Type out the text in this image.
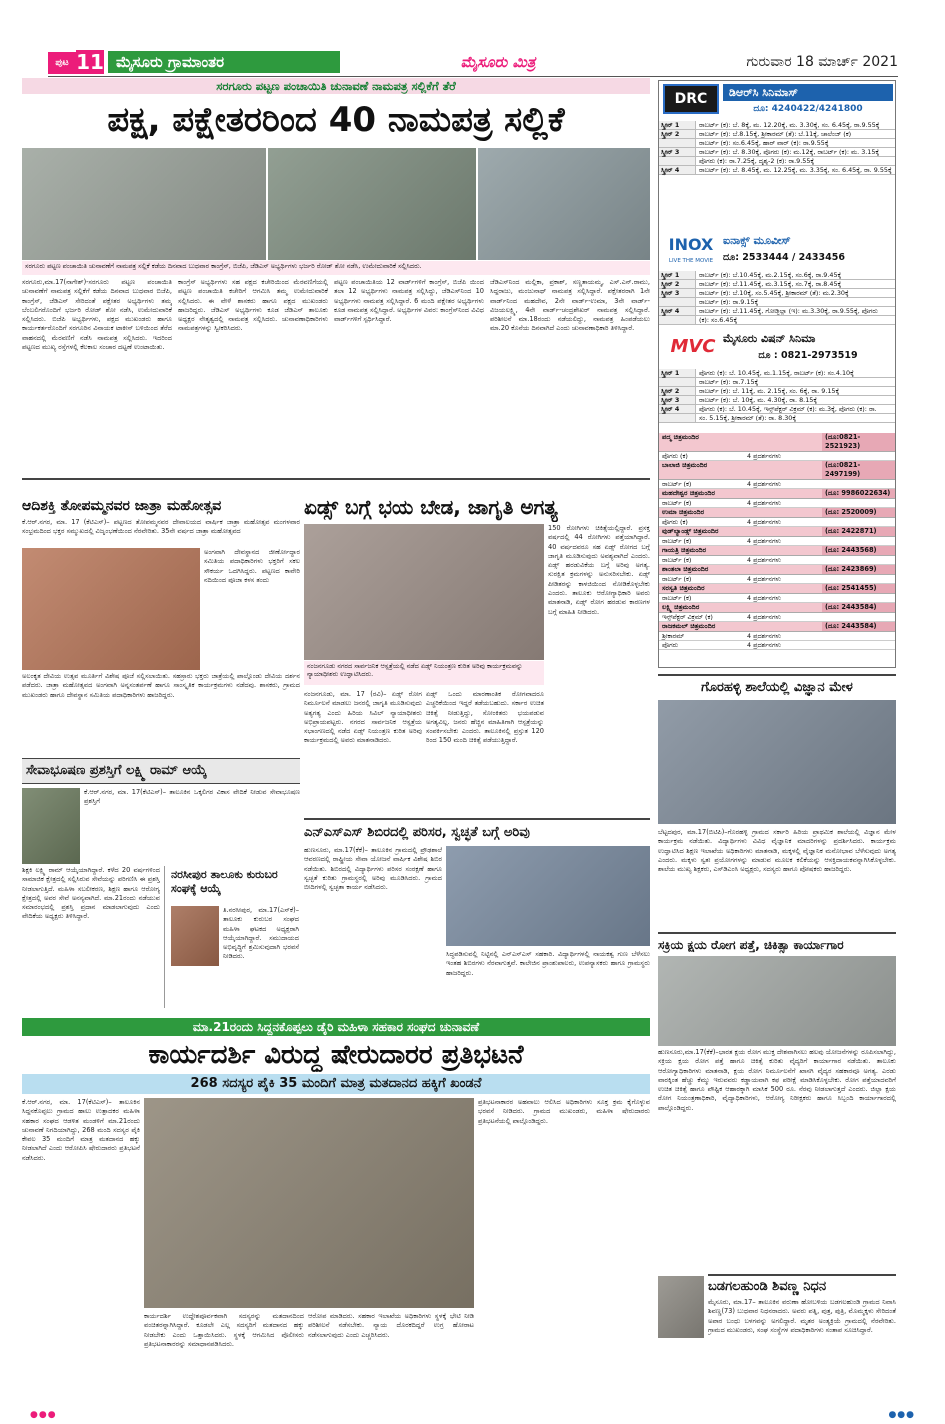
ಪುಟ 11 ಮೈಸೂರು ಗ್ರಾಮಾಂತರ	ಮೈಸೂರು ಮಿತ್ರ	ಗುರುವಾರ 18 ಮಾರ್ಚ್ 2021
ಸರಗೂರು ಪಟ್ಟಣ ಪಂಚಾಯಿತಿ ಚುನಾವಣೆ ನಾಮಪತ್ರ ಸಲ್ಲಿಕೆಗೆ ತೆರೆ
ಪಕ್ಷ, ಪಕ್ಷೇತರರಿಂದ 40 ನಾಮಪತ್ರ ಸಲ್ಲಿಕೆ
ಸರಗೂರು ಪಟ್ಟಣ ಪಂಚಾಯಿತಿ ಚುನಾವಣೆಗೆ ನಾಮಪತ್ರ ಸಲ್ಲಿಕೆ ಕಡೆಯ ದಿನವಾದ ಬುಧವಾರ ಕಾಂಗ್ರೆಸ್, ಬಿಜೆಪಿ, ಜೆಡಿಎಸ್ ಅಭ್ಯರ್ಥಿಗಳು ಭರ್ಜರಿ ರೋಡ್ ಶೋ ನಡೆಸಿ, ಉಮೇದುವಾರಿಕೆ ಸಲ್ಲಿಸಿದರು.
ಸರಗೂರು,ಮಾ.17(ನಾಗೇಶ್)-ಸರಗೂರು ಪಟ್ಟಣ ಪಂಚಾಯಿತಿ ಚುನಾವಣೆಗೆ ನಾಮಪತ್ರ ಸಲ್ಲಿಕೆಗೆ ಕಡೆಯ ದಿನವಾದ ಬುಧವಾರ ಬಿಜೆಪಿ, ಕಾಂಗ್ರೆಸ್, ಜೆಡಿಎಸ್ ಸೇರಿದಂತೆ ಪಕ್ಷೇತರ ಅಭ್ಯರ್ಥಿಗಳು ತಮ್ಮ ಬೆಂಬಲಿಗರೊಂದಿಗೆ ಭರ್ಜರಿ ರೋಡ್ ಶೋ ನಡೆಸಿ, ಉಮೇದುವಾರಿಕೆ ಸಲ್ಲಿಸಿದರು. ಬಿಜೆಪಿ ಅಭ್ಯರ್ಥಿಗಳು, ಪಕ್ಷದ ಮುಖಂಡರು ಹಾಗೂ ಕಾರ್ಯಕರ್ತರೊಂದಿಗೆ ಸರಗೂರಿನ ವಿನಾಯಕ ಟಾಕೀಸ್ ಬಳಿಯಿಂದ ತೆರೆದ ವಾಹನದಲ್ಲಿ ಮೆರವಣಿಗೆ ನಡೆಸಿ ನಾಮಪತ್ರ ಸಲ್ಲಿಸಿದರು. ಇದರಿಂದ ಪಟ್ಟಣದ ಮುಖ್ಯ ರಸ್ತೆಗಳಲ್ಲಿ ಕೆಲಕಾಲ ಸಂಚಾರ ದಟ್ಟಣೆ ಉಂಟಾಯಿತು.
ಕಾಂಗ್ರೆಸ್ ಅಭ್ಯರ್ಥಿಗಳು ಸಹ ಪಕ್ಷದ ಕಚೇರಿಯಿಂದ ಮೆರವಣಿಗೆಯಲ್ಲಿ ಪಟ್ಟಣ ಪಂಚಾಯಿತಿ ಕಚೇರಿಗೆ ಆಗಮಿಸಿ ತಮ್ಮ ಉಮೇದುವಾರಿಕೆ ಸಲ್ಲಿಸಿದರು. ಈ ವೇಳೆ ಶಾಸಕರು ಹಾಗೂ ಪಕ್ಷದ ಮುಖಂಡರು ಹಾಜರಿದ್ದರು. ಜೆಡಿಎಸ್ ಅಭ್ಯರ್ಥಿಗಳು ಕೂಡ ಜೆಡಿಎಸ್ ತಾಲೂಕು ಅಧ್ಯಕ್ಷರ ನೇತೃತ್ವದಲ್ಲಿ ನಾಮಪತ್ರ ಸಲ್ಲಿಸಿದರು. ಚುನಾವಣಾಧಿಕಾರಿಗಳು ನಾಮಪತ್ರಗಳನ್ನು ಸ್ವೀಕರಿಸಿದರು.
ಪಟ್ಟಣ ಪಂಚಾಯಿತಿಯ 12 ವಾರ್ಡ್‌ಗಳಿಗೆ ಕಾಂಗ್ರೆಸ್, ಬಿಜೆಪಿ ಯಿಂದ ತಲಾ 12 ಅಭ್ಯರ್ಥಿಗಳು ನಾಮಪತ್ರ ಸಲ್ಲಿಸಿದ್ದು, ಜೆಡಿಎಸ್‌ನಿಂದ 10 ಅಭ್ಯರ್ಥಿಗಳು ನಾಮಪತ್ರ ಸಲ್ಲಿಸಿದ್ದಾರೆ. 6 ಮಂದಿ ಪಕ್ಷೇತರ ಅಭ್ಯರ್ಥಿಗಳು ಕೂಡ ನಾಮಪತ್ರ ಸಲ್ಲಿಸಿದ್ದಾರೆ. ಅಭ್ಯರ್ಥಿಗಳ ವಿವರ: ಕಾಂಗ್ರೆಸ್‌ನಿಂದ ವಿವಿಧ ವಾರ್ಡ್‌ಗಳಿಗೆ ಸ್ಪರ್ಧಿಸಿದ್ದಾರೆ.
ಜೆಡಿಎಸ್‌ನಿಂದ ಮಲ್ಲಿಕಾ, ಪ್ರಕಾಶ್, ಸಣ್ಣತಾಯಮ್ಮ, ಎಸ್.ಎನ್.ರಾಮು, ಸಿದ್ದರಾಜು, ಮಂಜುನಾಥ್ ನಾಮಪತ್ರ ಸಲ್ಲಿಸಿದ್ದಾರೆ. ಪಕ್ಷೇತರರಾಗಿ 1ನೇ ವಾರ್ಡ್‌ನಿಂದ ಮಹದೇವ, 2ನೇ ವಾರ್ಡ್-ಉಮಾ, 3ನೇ ವಾರ್ಡ್-ವಿಜಯಲಕ್ಷ್ಮಿ, 4ನೇ ವಾರ್ಡ್-ಚಂದ್ರಶೇಖರ್ ನಾಮಪತ್ರ ಸಲ್ಲಿಸಿದ್ದಾರೆ. ಪರಿಶೀಲನೆ ಮಾ.18ರಂದು ನಡೆಯಲಿದ್ದು, ನಾಮಪತ್ರ ಹಿಂಪಡೆಯಲು ಮಾ.20 ಕೊನೆಯ ದಿನವಾಗಿದೆ ಎಂದು ಚುನಾವಣಾಧಿಕಾರಿ ತಿಳಿಸಿದ್ದಾರೆ.
ಆದಿಶಕ್ತಿ ತೋಪಮ್ಮನವರ ಜಾತ್ರಾ ಮಹೋತ್ಸವ
ಕೆ.ಆರ್.ನಗರ, ಮಾ. 17 (ಕೆಟಿಎಸ್)– ಪಟ್ಟಣದ ತೋಪಮ್ಮನವರ ದೇವಾಲಯದ ವಾರ್ಷಿಕ ಜಾತ್ರಾ ಮಹೋತ್ಸವ ಮಂಗಳವಾರ ಸಂಭ್ರಮದಿಂದ ಭಕ್ತರ ಸಮ್ಮುಖದಲ್ಲಿ ವಿಜೃಂಭಣೆಯಿಂದ ನೆರವೇರಿತು. 35ನೇ ವರ್ಷದ ಜಾತ್ರಾ ಮಹೋತ್ಸವದ
ಅಂಗವಾಗಿ ದೇವಸ್ಥಾನದ ಜೀರ್ಣೋದ್ಧಾರ ಸಮಿತಿಯ ಪದಾಧಿಕಾರಿಗಳು ಭಕ್ತರಿಗೆ ಸಕಲ ಸೌಕರ್ಯ ಒದಗಿಸಿದ್ದರು. ಪಟ್ಟಣದ ಕಾವೇರಿ ನದಿಯಿಂದ ಪೂಜಾ ಕಳಸ ತಂದು
ಅಲಂಕೃತ ದೇವಿಯ ಉತ್ಸವ ಮೂರ್ತಿಗೆ ವಿಶೇಷ ಪೂಜೆ ಸಲ್ಲಿಸಲಾಯಿತು. ಸಹಸ್ರಾರು ಭಕ್ತರು ಜಾತ್ರೆಯಲ್ಲಿ ಪಾಲ್ಗೊಂಡು ದೇವಿಯ ದರ್ಶನ ಪಡೆದರು. ಜಾತ್ರಾ ಮಹೋತ್ಸವದ ಅಂಗವಾಗಿ ಅನ್ನಸಂತರ್ಪಣೆ ಹಾಗೂ ಸಾಂಸ್ಕೃತಿಕ ಕಾರ್ಯಕ್ರಮಗಳು ನಡೆದವು. ಶಾಸಕರು, ಗ್ರಾಮದ ಮುಖಂಡರು ಹಾಗೂ ದೇವಸ್ಥಾನ ಸಮಿತಿಯ ಪದಾಧಿಕಾರಿಗಳು ಹಾಜರಿದ್ದರು.
ಏಡ್ಸ್ ಬಗ್ಗೆ ಭಯ ಬೇಡ, ಜಾಗೃತಿ ಅಗತ್ಯ
ನಂಜನಗೂಡು ನಗರದ ಸಾರ್ವಜನಿಕ ಆಸ್ಪತ್ರೆಯಲ್ಲಿ ನಡೆದ ಏಡ್ಸ್ ನಿಯಂತ್ರಣ ಕುರಿತ ಅರಿವು ಕಾರ್ಯಕ್ರಮವನ್ನು ನ್ಯಾಯಾಧೀಶರು ಉದ್ಘಾಟಿಸಿದರು.
150 ರೋಗಿಗಳು ಚಿಕಿತ್ಸೆಯಲ್ಲಿದ್ದಾರೆ. ಪ್ರಸಕ್ತ ವರ್ಷದಲ್ಲಿ 44 ರೋಗಿಗಳು ಪತ್ತೆಯಾಗಿದ್ದಾರೆ. 40 ವರ್ಷದವರೂ ಸಹ ಏಡ್ಸ್ ರೋಗದ ಬಗ್ಗೆ ಜಾಗೃತಿ ಮೂಡಿಸುವುದು ಅವಶ್ಯವಾಗಿದೆ ಎಂದರು. ಏಡ್ಸ್ ಹರಡುವಿಕೆಯ ಬಗ್ಗೆ ಅರಿವು ಅಗತ್ಯ. ಸುರಕ್ಷಿತ ಕ್ರಮಗಳನ್ನು ಅನುಸರಿಸಬೇಕು. ಏಡ್ಸ್ ಪೀಡಿತರನ್ನು ಕಾಳಜಿಯಿಂದ ನೋಡಿಕೊಳ್ಳಬೇಕು ಎಂದರು. ತಾಲೂಕು ಆರೋಗ್ಯಾಧಿಕಾರಿ ಅವರು ಮಾತನಾಡಿ, ಏಡ್ಸ್ ರೋಗ ಹರಡುವ ಕಾರಣಗಳ ಬಗ್ಗೆ ಮಾಹಿತಿ ನೀಡಿದರು.
ನಂಜನಗೂಡು, ಮಾ. 17 (ರವಿ)– ಏಡ್ಸ್ ರೋಗ ನಿರ್ಮೂಲನೆ ಮಾಡಲು ಜನರಲ್ಲಿ ಜಾಗೃತಿ ಮೂಡಿಸುವುದು ಅತ್ಯಗತ್ಯ ಎಂದು ಹಿರಿಯ ಸಿವಿಲ್ ನ್ಯಾಯಾಧೀಶರು ಅಭಿಪ್ರಾಯಪಟ್ಟರು. ನಗರದ ಸಾರ್ವಜನಿಕ ಆಸ್ಪತ್ರೆಯ ಸಭಾಂಗಣದಲ್ಲಿ ನಡೆದ ಏಡ್ಸ್ ನಿಯಂತ್ರಣ ಕುರಿತ ಅರಿವು ಕಾರ್ಯಕ್ರಮದಲ್ಲಿ ಅವರು ಮಾತನಾಡಿದರು.
ಏಡ್ಸ್ ಒಂದು ಮಾರಣಾಂತಿಕ ರೋಗವಾದರೂ ಎಚ್ಚರಿಕೆಯಿಂದ ಇದ್ದರೆ ತಡೆಯಬಹುದು. ಸರ್ಕಾರ ಉಚಿತ ಚಿಕಿತ್ಸೆ ನೀಡುತ್ತಿದ್ದು, ಸೋಂಕಿತರು ಭಯಪಡುವ ಅಗತ್ಯವಿಲ್ಲ. ಜನರು ಹೆಚ್ಚಿನ ಮಾಹಿತಿಗಾಗಿ ಆಸ್ಪತ್ರೆಯನ್ನು ಸಂಪರ್ಕಿಸಬೇಕು ಎಂದರು. ತಾಲೂಕಿನಲ್ಲಿ ಪ್ರಸ್ತುತ 120 ರಿಂದ 150 ಮಂದಿ ಚಿಕಿತ್ಸೆ ಪಡೆಯುತ್ತಿದ್ದಾರೆ.
ಸೇವಾಭೂಷಣ ಪ್ರಶಸ್ತಿಗೆ ಲಕ್ಷ್ಮಿ ರಾಮ್ ಆಯ್ಕೆ
ಕೆ.ಆರ್.ನಗರ, ಮಾ. 17(ಕೆಟಿಎಸ್)– ತಾಲೂಕಿನ ಒಕ್ಕಲಿಗರ ವಿಕಾಸ ವೇದಿಕೆ ನೀಡುವ ಸೇವಾಭೂಷಣ ಪ್ರಶಸ್ತಿಗೆ
ಶಿಕ್ಷಕಿ ಲಕ್ಷ್ಮಿ ರಾಮ್ ಆಯ್ಕೆಯಾಗಿದ್ದಾರೆ. ಕಳೆದ 20 ವರ್ಷಗಳಿಂದ ಸಾಮಾಜಿಕ ಕ್ಷೇತ್ರದಲ್ಲಿ ಸಲ್ಲಿಸಿರುವ ಸೇವೆಯನ್ನು ಪರಿಗಣಿಸಿ ಈ ಪ್ರಶಸ್ತಿ ನೀಡಲಾಗುತ್ತಿದೆ. ಮಹಿಳಾ ಸಬಲೀಕರಣ, ಶಿಕ್ಷಣ ಹಾಗೂ ಆರೋಗ್ಯ ಕ್ಷೇತ್ರದಲ್ಲಿ ಅವರ ಸೇವೆ ಅನನ್ಯವಾಗಿದೆ. ಮಾ.21ರಂದು ನಡೆಯುವ ಸಮಾರಂಭದಲ್ಲಿ ಪ್ರಶಸ್ತಿ ಪ್ರದಾನ ಮಾಡಲಾಗುವುದು ಎಂದು ವೇದಿಕೆಯ ಅಧ್ಯಕ್ಷರು ತಿಳಿಸಿದ್ದಾರೆ.
ನರಸೀಪುರ ತಾಲೂಕು ಕುರುಬರ ಸಂಘಕ್ಕೆ ಆಯ್ಕೆ
ತಿ.ನರಸೀಪುರ, ಮಾ.17(ಎಸ್‌ಕೆ)– ತಾಲೂಕು ಕುರುಬರ ಸಂಘದ ಮಹಿಳಾ ಘಟಕದ ಅಧ್ಯಕ್ಷರಾಗಿ ಆಯ್ಕೆಯಾಗಿದ್ದಾರೆ. ಸಮುದಾಯದ ಅಭಿವೃದ್ಧಿಗೆ ಶ್ರಮಿಸುವುದಾಗಿ ಭರವಸೆ ನೀಡಿದರು.
ಎನ್‌ಎಸ್‌ಎಸ್ ಶಿಬಿರದಲ್ಲಿ ಪರಿಸರ, ಸ್ವಚ್ಛತೆ ಬಗ್ಗೆ ಅರಿವು
ಹುಣಸೂರು, ಮಾ.17(ಕೆಕೆ)– ತಾಲೂಕಿನ ಗ್ರಾಮದಲ್ಲಿ ಪ್ರೌಢಶಾಲೆ ಆವರಣದಲ್ಲಿ ರಾಷ್ಟ್ರೀಯ ಸೇವಾ ಯೋಜನೆ ವಾರ್ಷಿಕ ವಿಶೇಷ ಶಿಬಿರ ನಡೆಯಿತು. ಶಿಬಿರದಲ್ಲಿ ವಿದ್ಯಾರ್ಥಿಗಳು ಪರಿಸರ ಸಂರಕ್ಷಣೆ ಹಾಗೂ ಸ್ವಚ್ಛತೆ ಕುರಿತು ಗ್ರಾಮಸ್ಥರಲ್ಲಿ ಅರಿವು ಮೂಡಿಸಿದರು. ಗ್ರಾಮದ ಬೀದಿಗಳಲ್ಲಿ ಸ್ವಚ್ಛತಾ ಕಾರ್ಯ ನಡೆಸಿದರು.
ಸಿದ್ಧಪಡಿಸುವಲ್ಲಿ ನಿಟ್ಟಿನಲ್ಲಿ ಎನ್‌ಎಸ್‌ಎಸ್ ಸಹಕಾರಿ. ವಿದ್ಯಾರ್ಥಿಗಳಲ್ಲಿ ನಾಯಕತ್ವ ಗುಣ ಬೆಳೆಸಲು ಇಂತಹ ಶಿಬಿರಗಳು ನೆರವಾಗುತ್ತವೆ. ಕಾಲೇಜಿನ ಪ್ರಾಂಶುಪಾಲರು, ಉಪನ್ಯಾಸಕರು ಹಾಗೂ ಗ್ರಾಮಸ್ಥರು ಹಾಜರಿದ್ದರು.
ಮಾ.21ರಂದು ಸಿದ್ದನಕೊಪ್ಪಲು ಡೈರಿ ಮಹಿಳಾ ಸಹಕಾರ ಸಂಘದ ಚುನಾವಣೆ
ಕಾರ್ಯದರ್ಶಿ ವಿರುದ್ಧ ಷೇರುದಾರರ ಪ್ರತಿಭಟನೆ
268 ಸದಸ್ಯರ ಪೈಕಿ 35 ಮಂದಿಗೆ ಮಾತ್ರ ಮತದಾನದ ಹಕ್ಕಿಗೆ ಖಂಡನೆ
ಕೆ.ಆರ್.ನಗರ, ಮಾ. 17(ಕೆಟಿಎಸ್)– ತಾಲೂಕಿನ ಸಿದ್ದನಕೊಪ್ಪಲು ಗ್ರಾಮದ ಹಾಲು ಉತ್ಪಾದಕರ ಮಹಿಳಾ ಸಹಕಾರ ಸಂಘದ ಆಡಳಿತ ಮಂಡಳಿಗೆ ಮಾ.21ರಂದು ಚುನಾವಣೆ ನಿಗದಿಯಾಗಿದ್ದು, 268 ಮಂದಿ ಸದಸ್ಯರ ಪೈಕಿ ಕೇವಲ 35 ಮಂದಿಗೆ ಮಾತ್ರ ಮತದಾನದ ಹಕ್ಕು ನೀಡಲಾಗಿದೆ ಎಂದು ಆರೋಪಿಸಿ ಷೇರುದಾರರು ಪ್ರತಿಭಟನೆ ನಡೆಸಿದರು.
ಕಾರ್ಯದರ್ಶಿ ಉದ್ದೇಶಪೂರ್ವಕವಾಗಿ ಸದಸ್ಯರನ್ನು ಮತದಾನದಿಂದ ವಂಚಿತರನ್ನಾಗಿಸಿದ್ದಾರೆ. ಕೂಡಲೇ ಎಲ್ಲ ಸದಸ್ಯರಿಗೆ ಮತದಾನದ ಹಕ್ಕು ನೀಡಬೇಕು ಎಂದು ಒತ್ತಾಯಿಸಿದರು. ಸ್ಥಳಕ್ಕೆ ಆಗಮಿಸಿದ ಪೊಲೀಸರು ಪ್ರತಿಭಟನಾಕಾರರನ್ನು ಸಮಾಧಾನಪಡಿಸಿದರು.
ಆರೋಪ ಮಾಡಿದರು. ಸಹಕಾರ ಇಲಾಖೆಯ ಅಧಿಕಾರಿಗಳು ಸ್ಥಳಕ್ಕೆ ಭೇಟಿ ನೀಡಿ ಪರಿಶೀಲನೆ ನಡೆಸಬೇಕು. ನ್ಯಾಯ ದೊರಕದಿದ್ದರೆ ಉಗ್ರ ಹೋರಾಟ ನಡೆಸಲಾಗುವುದು ಎಂದು ಎಚ್ಚರಿಸಿದರು.
ಪ್ರತಿಭಟನಾಕಾರರ ಅಹವಾಲು ಆಲಿಸಿದ ಅಧಿಕಾರಿಗಳು ಸೂಕ್ತ ಕ್ರಮ ಕೈಗೊಳ್ಳುವ ಭರವಸೆ ನೀಡಿದರು. ಗ್ರಾಮದ ಮುಖಂಡರು, ಮಹಿಳಾ ಷೇರುದಾರರು ಪ್ರತಿಭಟನೆಯಲ್ಲಿ ಪಾಲ್ಗೊಂಡಿದ್ದರು.
DRC	ಡಿಆರ್‌ಸಿ ಸಿನಿಮಾಸ್
ದೂ: 4240422/4241800
ಸ್ಕ್ರೀನ್ 1	ರಾಬರ್ಟ್ (ಕ): ಬೆ. 8ಕ್ಕೆ, ಮ. 12.20ಕ್ಕೆ, ಮ. 3.30ಕ್ಕೆ, ಸಂ. 6.45ಕ್ಕೆ, ರಾ.9.55ಕ್ಕೆ
ಸ್ಕ್ರೀನ್ 2	ರಾಬರ್ಟ್ (ಕ): ಬೆ.8.15ಕ್ಕೆ, ಶ್ರೀಕಾರಮ್ (ತೆ): ಬೆ.11ಕ್ಕೆ, ಚಾಲೆಂಜ್ (ಕ)
ರಾಬರ್ಟ್ (ಕ): ಸಂ.6.45ಕ್ಕೆ, ಹಾರ್ ವಾರ್ (ಕ): ರಾ.9.55ಕ್ಕೆ
ಸ್ಕ್ರೀನ್ 3	ರಾಬರ್ಟ್ (ಕ): ಬೆ. 8.30ಕ್ಕೆ, ಪೊಗರು (ಕ): ಮ.12ಕ್ಕೆ, ರಾಬರ್ಟ್ (ಕ): ಮ. 3.15ಕ್ಕೆ
ಪೊಗರು (ಕ): ರಾ.7.25ಕ್ಕೆ, ದೃಶ್ಯ-2 (ಕ): ರಾ.9.55ಕ್ಕೆ
ಸ್ಕ್ರೀನ್ 4	ರಾಬರ್ಟ್ (ಕ): ಬೆ. 8.45ಕ್ಕೆ, ಮ. 12.25ಕ್ಕೆ, ಮ. 3.35ಕ್ಕೆ, ಸಂ. 6.45ಕ್ಕೆ, ರಾ. 9.55ಕ್ಕೆ
INOX
LIVE THE MOVIE
ಐನಾಕ್ಸ್ ಮೂವೀಸ್
ದೂ: 2533444 / 2433456
ಸ್ಕ್ರೀನ್ 1	ರಾಬರ್ಟ್ (ಕ): ಬೆ.10.45ಕ್ಕೆ, ಮ.2.15ಕ್ಕೆ, ಸಂ.6ಕ್ಕೆ, ರಾ.9.45ಕ್ಕೆ
ಸ್ಕ್ರೀನ್ 2	ರಾಬರ್ಟ್ (ಕ): ಬೆ.11.45ಕ್ಕೆ, ಮ.3.15ಕ್ಕೆ, ಸಂ.7ಕ್ಕೆ, ರಾ.8.45ಕ್ಕೆ
ಸ್ಕ್ರೀನ್ 3	ರಾಬರ್ಟ್ (ಕ): ಬೆ.10ಕ್ಕೆ, ಸಂ.5.45ಕ್ಕೆ, ಶ್ರೀಕಾರಮ್ (ತೆ): ಮ.2.30ಕ್ಕೆ
ರಾಬರ್ಟ್ (ಕ): ರಾ.9.15ಕ್ಕೆ
ಸ್ಕ್ರೀನ್ 4	ರಾಬರ್ಟ್ (ಕ): ಬೆ.11.45ಕ್ಕೆ, ಗೋಡ್ಜಿಲ್ಲಾ (ಇ): ಮ.3.30ಕ್ಕೆ, ರಾ.9.55ಕ್ಕೆ, ಪೊಗರು
(ಕ): ಸಂ.6.45ಕ್ಕೆ
MVC ಮೈಸೂರು ವಿಷನ್ ಸಿನಿಮಾ
ದೂ : 0821-2973519
ಸ್ಕ್ರೀನ್ 1	ಪೊಗರು (ಕ): ಬೆ. 10.45ಕ್ಕೆ, ಮ.1.15ಕ್ಕೆ, ರಾಬರ್ಟ್ (ಕ): ಸಂ.4.10ಕ್ಕೆ
ರಾಬರ್ಟ್ (ಕ): ರಾ.7.15ಕ್ಕೆ
ಸ್ಕ್ರೀನ್ 2	ರಾಬರ್ಟ್ (ಕ): ಬೆ. 11ಕ್ಕೆ, ಮ. 2.15ಕ್ಕೆ, ಸಂ. 6ಕ್ಕೆ, ರಾ. 9.15ಕ್ಕೆ
ಸ್ಕ್ರೀನ್ 3	ರಾಬರ್ಟ್ (ಕ): ಬೆ. 10ಕ್ಕೆ, ಮ. 4.30ಕ್ಕೆ, ರಾ. 8.15ಕ್ಕೆ
ಸ್ಕ್ರೀನ್ 4	ಪೊಗರು (ಕ): ಬೆ. 10.45ಕ್ಕೆ, ಇನ್ಸ್‌ಪೆಕ್ಟರ್ ವಿಕ್ರಮ್ (ಕ): ಮ.3ಕ್ಕೆ, ಪೊಗರು (ಕ): ರಾ.
ಸಂ. 5.15ಕ್ಕೆ, ಶ್ರೀಕಾರಮ್ (ತೆ): ರಾ. 8.30ಕ್ಕೆ
ಪದ್ಮ ಚಿತ್ರಮಂದಿರ	(ದೂ:0821-2521923)
ಪೊಗರು (ಕ)	4 ಪ್ರದರ್ಶನಗಳು
ಬಾಲಾಜಿ ಚಿತ್ರಮಂದಿರ	(ದೂ:0821-2497199)
ರಾಬರ್ಟ್ (ಕ)	4 ಪ್ರದರ್ಶನಗಳು
ಮಹದೇಶ್ವರ ಚಿತ್ರಮಂದಿರ	(ದೂ: 9986022634)
ರಾಬರ್ಟ್ (ಕ)	4 ಪ್ರದರ್ಶನಗಳು
ಉಮಾ ಚಿತ್ರಮಂದಿರ	(ದೂ: 2520009)
ಪೊಗರು (ಕ)	4 ಪ್ರದರ್ಶನಗಳು
ವುಡ್‌ಲ್ಯಾಂಡ್ಸ್ ಚಿತ್ರಮಂದಿರ	(ದೂ: 2422871)
ರಾಬರ್ಟ್ (ಕ)	4 ಪ್ರದರ್ಶನಗಳು
ಗಾಯತ್ರಿ ಚಿತ್ರಮಂದಿರ	(ದೂ: 2443568)
ರಾಬರ್ಟ್ (ಕ)	4 ಪ್ರದರ್ಶನಗಳು
ಶಾಂತಲಾ ಚಿತ್ರಮಂದಿರ	(ದೂ: 2423869)
ರಾಬರ್ಟ್ (ಕ)	4 ಪ್ರದರ್ಶನಗಳು
ಸರಸ್ವತಿ ಚಿತ್ರಮಂದಿರ	(ದೂ: 2541455)
ರಾಬರ್ಟ್ (ಕ)	4 ಪ್ರದರ್ಶನಗಳು
ಲಕ್ಷ್ಮಿ ಚಿತ್ರಮಂದಿರ	(ದೂ: 2443584)
ಇನ್ಸ್‌ಪೆಕ್ಟರ್ ವಿಕ್ರಮ್ (ಕ)	4 ಪ್ರದರ್ಶನಗಳು
ರಾಜಕಮಲ್ ಚಿತ್ರಮಂದಿರ	(ದೂ: 2443584)
ಶ್ರೀಕಾರಮ್	4 ಪ್ರದರ್ಶನಗಳು
ಪೊಗರು	4 ಪ್ರದರ್ಶನಗಳು
ಗೊರಹಳ್ಳಿ ಶಾಲೆಯಲ್ಲಿ ವಿಜ್ಞಾನ ಮೇಳ
ಬೆಟ್ಟದಪುರ, ಮಾ.17(ಬಿಟಿಪಿ)–ಗೊರಹಳ್ಳಿ ಗ್ರಾಮದ ಸರ್ಕಾರಿ ಹಿರಿಯ ಪ್ರಾಥಮಿಕ ಶಾಲೆಯಲ್ಲಿ ವಿಜ್ಞಾನ ಮೇಳ ಕಾರ್ಯಕ್ರಮ ನಡೆಯಿತು. ವಿದ್ಯಾರ್ಥಿಗಳು ವಿವಿಧ ವೈಜ್ಞಾನಿಕ ಮಾದರಿಗಳನ್ನು ಪ್ರದರ್ಶಿಸಿದರು. ಕಾರ್ಯಕ್ರಮ ಉದ್ಘಾಟಿಸಿದ ಶಿಕ್ಷಣ ಇಲಾಖೆಯ ಅಧಿಕಾರಿಗಳು ಮಾತನಾಡಿ, ಮಕ್ಕಳಲ್ಲಿ ವೈಜ್ಞಾನಿಕ ಮನೋಭಾವ ಬೆಳೆಸುವುದು ಅಗತ್ಯ ಎಂದರು. ಮಕ್ಕಳು ಸ್ವತಃ ಪ್ರಯೋಗಗಳನ್ನು ಮಾಡುವ ಮೂಲಕ ಕಲಿಕೆಯನ್ನು ಆಸಕ್ತಿದಾಯಕವನ್ನಾಗಿಸಿಕೊಳ್ಳಬೇಕು. ಶಾಲೆಯ ಮುಖ್ಯ ಶಿಕ್ಷಕರು, ಎಸ್‌ಡಿಎಂಸಿ ಅಧ್ಯಕ್ಷರು, ಸದಸ್ಯರು ಹಾಗೂ ಪೋಷಕರು ಹಾಜರಿದ್ದರು.
ಸಕ್ರಿಯ ಕ್ಷಯ ರೋಗ ಪತ್ತೆ, ಚಿಕಿತ್ಸಾ ಕಾರ್ಯಾಗಾರ
ಹುಣಸೂರು,ಮಾ.17(ಕೆಕೆ)–ಭಾರತ ಕ್ಷಯ ರೋಗ ಮುಕ್ತ ದೇಶವಾಗಿಸಲು ಹಲವು ಯೋಜನೆಗಳನ್ನು ರೂಪಿಸಲಾಗಿದ್ದು, ಸಕ್ರಿಯ ಕ್ಷಯ ರೋಗ ಪತ್ತೆ ಹಾಗೂ ಚಿಕಿತ್ಸೆ ಕುರಿತು ವೈದ್ಯರಿಗೆ ಕಾರ್ಯಾಗಾರ ನಡೆಯಿತು. ತಾಲೂಕು ಆರೋಗ್ಯಾಧಿಕಾರಿಗಳು ಮಾತನಾಡಿ, ಕ್ಷಯ ರೋಗ ನಿರ್ಮೂಲನೆಗೆ ಖಾಸಗಿ ವೈದ್ಯರ ಸಹಕಾರವೂ ಅಗತ್ಯ. ಎರಡು ವಾರಕ್ಕಿಂತ ಹೆಚ್ಚು ಕೆಮ್ಮು ಇರುವವರು ಕಡ್ಡಾಯವಾಗಿ ಕಫ ಪರೀಕ್ಷೆ ಮಾಡಿಸಿಕೊಳ್ಳಬೇಕು. ರೋಗ ಪತ್ತೆಯಾದವರಿಗೆ ಉಚಿತ ಚಿಕಿತ್ಸೆ ಹಾಗೂ ಪೌಷ್ಟಿಕ ಆಹಾರಕ್ಕಾಗಿ ಮಾಸಿಕ 500 ರೂ. ನೆರವು ನೀಡಲಾಗುತ್ತದೆ ಎಂದರು. ಜಿಲ್ಲಾ ಕ್ಷಯ ರೋಗ ನಿಯಂತ್ರಣಾಧಿಕಾರಿ, ವೈದ್ಯಾಧಿಕಾರಿಗಳು, ಆರೋಗ್ಯ ನಿರೀಕ್ಷಕರು ಹಾಗೂ ಸಿಬ್ಬಂದಿ ಕಾರ್ಯಾಗಾರದಲ್ಲಿ ಪಾಲ್ಗೊಂಡಿದ್ದರು.
ಬಡಗಲಹುಂಡಿ ಶಿವಣ್ಣ ನಿಧನ
ಮೈಸೂರು, ಮಾ.17– ತಾಲೂಕಿನ ವರುಣಾ ಹೋಬಳಿಯ ಬಡಗಲಹುಂಡಿ ಗ್ರಾಮದ ನಿವಾಸಿ ಶಿವಣ್ಣ(73) ಬುಧವಾರ ನಿಧನರಾದರು. ಅವರು ಪತ್ನಿ, ಪುತ್ರ, ಪುತ್ರಿ, ಮೊಮ್ಮಕ್ಕಳು ಸೇರಿದಂತೆ ಅಪಾರ ಬಂಧು ಬಳಗವನ್ನು ಅಗಲಿದ್ದಾರೆ. ಮೃತರ ಅಂತ್ಯಕ್ರಿಯೆ ಗ್ರಾಮದಲ್ಲಿ ನೆರವೇರಿತು. ಗ್ರಾಮದ ಮುಖಂಡರು, ಸಂಘ ಸಂಸ್ಥೆಗಳ ಪದಾಧಿಕಾರಿಗಳು ಸಂತಾಪ ಸೂಚಿಸಿದ್ದಾರೆ.
●●●	●●●
